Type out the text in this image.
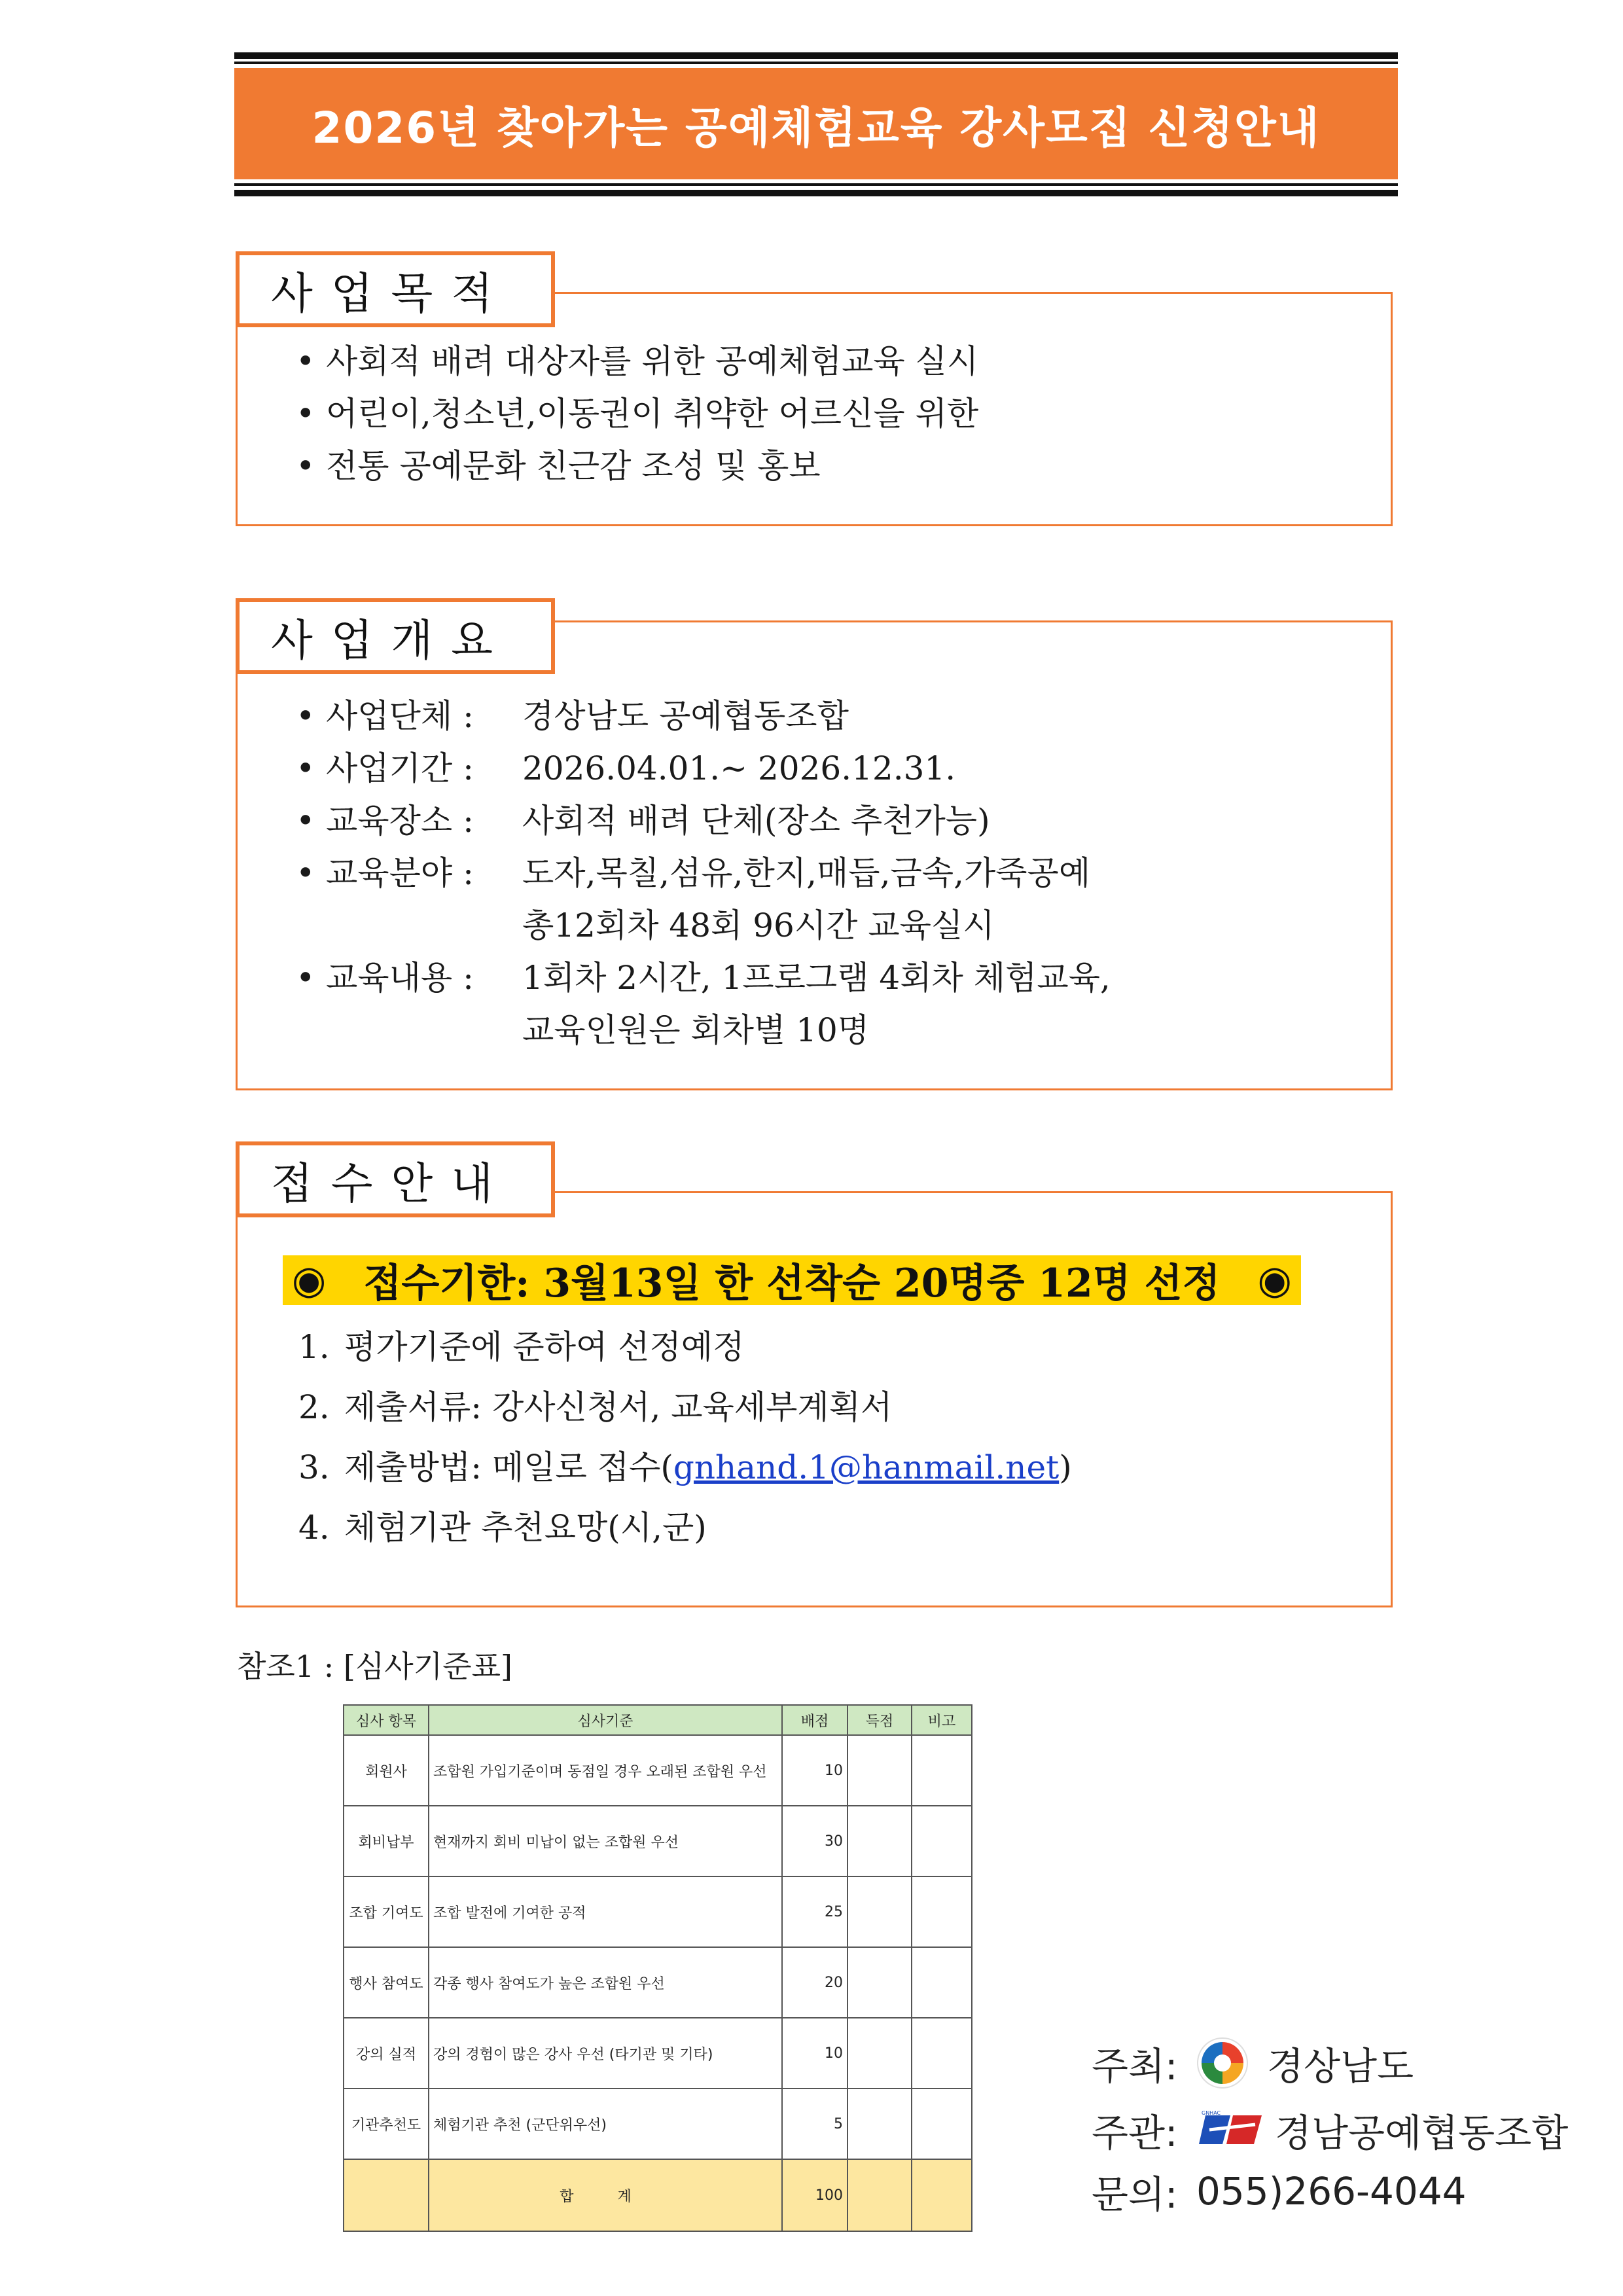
2026년 찾아가는 공예체험교육 강사모집 신청안내
사업목적
• 사회적 배려 대상자를 위한 공예체험교육 실시
• 어린이,청소년,이동권이 취약한 어르신을 위한
• 전통 공예문화 친근감 조성 및 홍보
사업개요
• 사업단체 : 경상남도 공예협동조합
• 사업기간 : 2026.04.01.~ 2026.12.31.
• 교육장소 : 사회적 배려 단체(장소 추천가능)
• 교육분야 : 도자,목칠,섬유,한지,매듭,금속,가죽공예
총12회차 48회 96시간 교육실시
• 교육내용 : 1회차 2시간, 1프로그램 4회차 체험교육,
교육인원은 회차별 10명
접수안내
◉ 접수기한: 3월13일 한 선착순 20명중 12명 선정 ◉
1. 평가기준에 준하여 선정예정
2. 제출서류: 강사신청서, 교육세부계획서
3. 제출방법: 메일로 접수(gnhand.1@hanmail.net)
4. 체험기관 추천요망(시,군)
참조1 : [심사기준표]
심사 항목	심사기준	배점	득점	비고
회원사	조합원 가입기준이며 동점일 경우 오래된 조합원 우선	10		
회비납부	현재까지 회비 미납이 없는 조합원 우선	30		
조합 기여도	조합 발전에 기여한 공적	25		
행사 참여도	각종 행사 참여도가 높은 조합원 우선	20		
강의 실적	강의 경험이 많은 강사 우선 (타기관 및 기타)	10		
기관추천도	체험기관 추천 (군단위우선)	5		
	합 계	100		
주최:	경상남도
주관:	GNHAC 경남공예협동조합
문의: 055)266-4044
